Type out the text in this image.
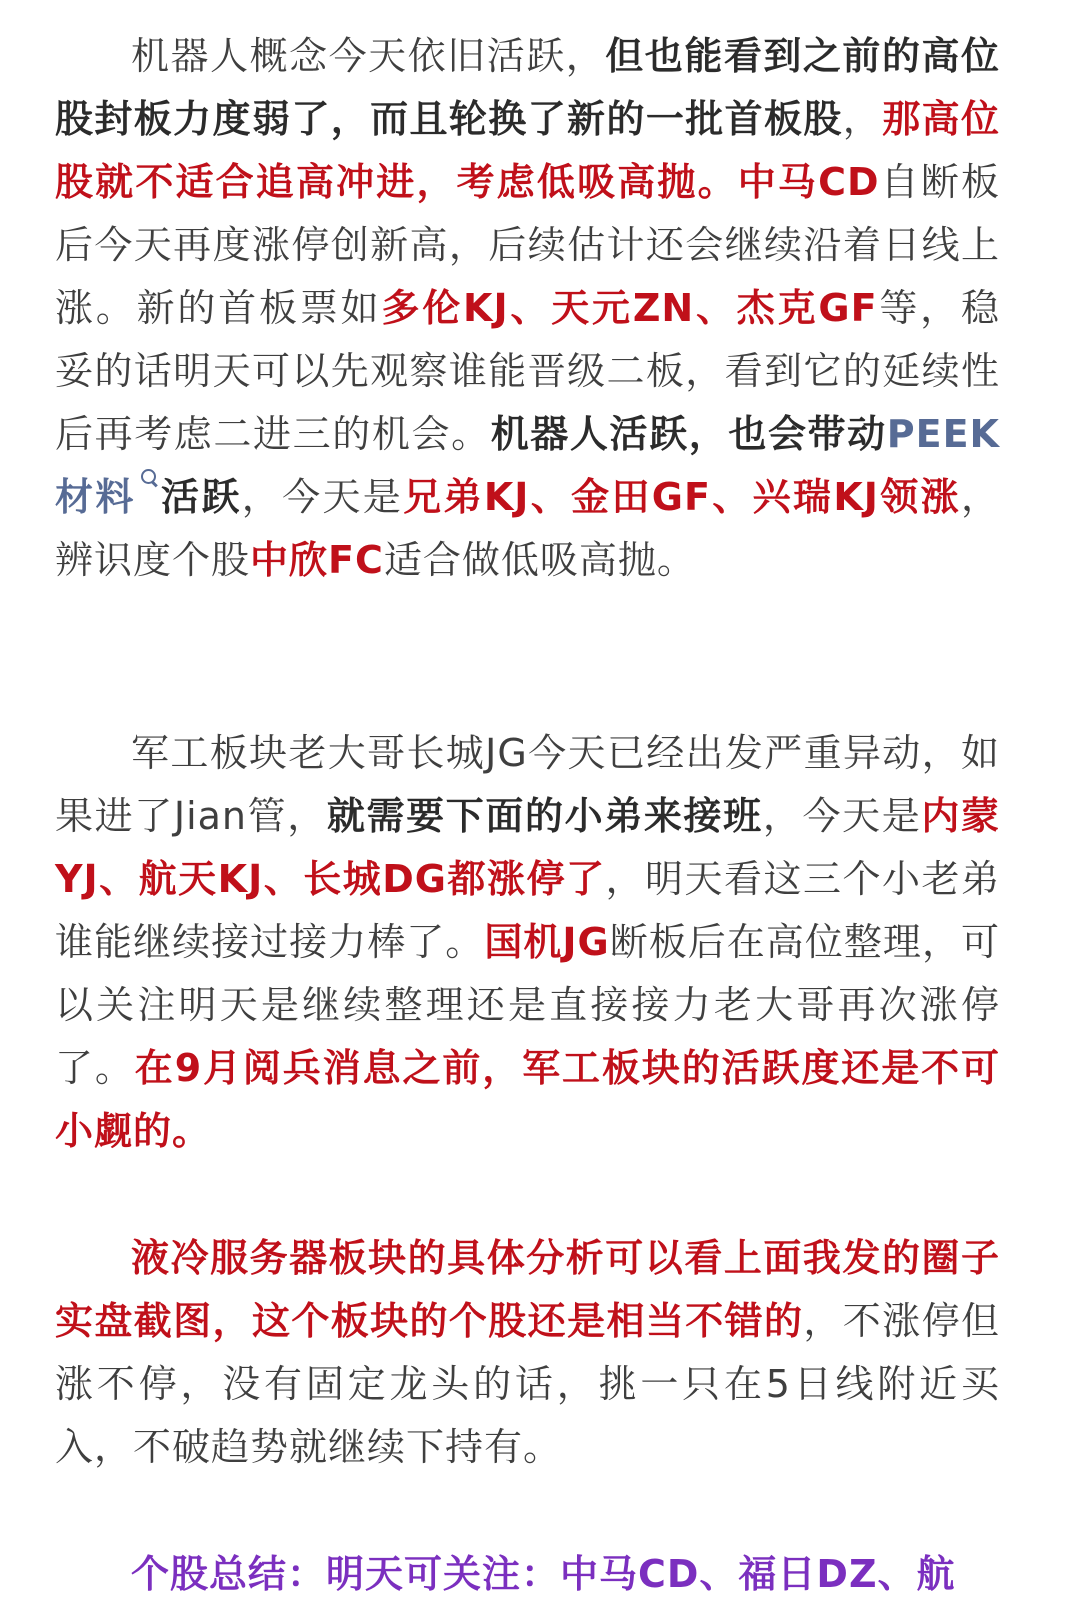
机器人概念今天依旧活跃，但也能看到之前的高位股封板力度弱了，而且轮换了新的一批首板股，那高位股就不适合追高冲进，考虑低吸高抛。中马CD自断板后今天再度涨停创新高，后续估计还会继续沿着日线上涨。新的首板票如多伦KJ、天元ZN、杰克GF等，稳妥的话明天可以先观察谁能晋级二板，看到它的延续性后再考虑二进三的机会。机器人活跃，也会带动PEEK材料 活跃，今天是兄弟KJ、金田GF、兴瑞KJ领涨，辨识度个股中欣FC适合做低吸高抛。

军工板块老大哥长城JG今天已经出发严重异动，如果进了Jian管，就需要下面的小弟来接班，今天是内蒙YJ、航天KJ、长城DG都涨停了，明天看这三个小老弟谁能继续接过接力棒了。国机JG断板后在高位整理，可以关注明天是继续整理还是直接接力老大哥再次涨停了。在9月阅兵消息之前，军工板块的活跃度还是不可小觑的。

液冷服务器板块的具体分析可以看上面我发的圈子实盘截图，这个板块的个股还是相当不错的，不涨停但涨不停，没有固定龙头的话，挑一只在5日线附近买入，不破趋势就继续下持有。

个股总结：明天可关注：中马CD、福日DZ、航
